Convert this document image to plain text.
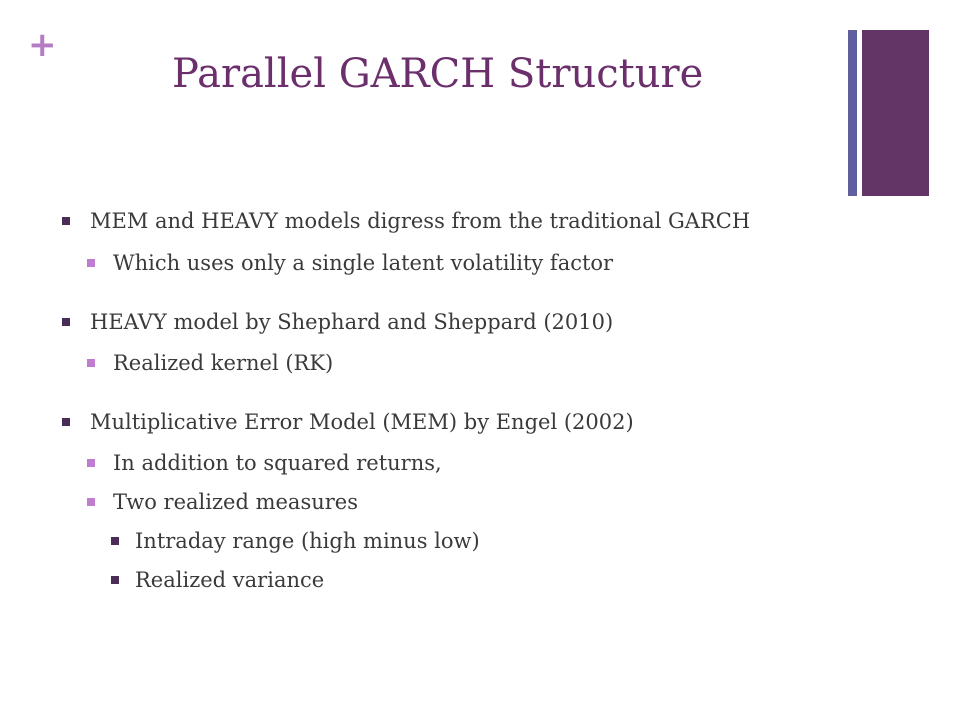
+
Parallel GARCH Structure
MEM and HEAVY models digress from the traditional GARCH
Which uses only a single latent volatility factor
HEAVY model by Shephard and Sheppard (2010)
Realized kernel (RK)
Multiplicative Error Model (MEM) by Engel (2002)
In addition to squared returns,
Two realized measures
Intraday range (high minus low)
Realized variance
